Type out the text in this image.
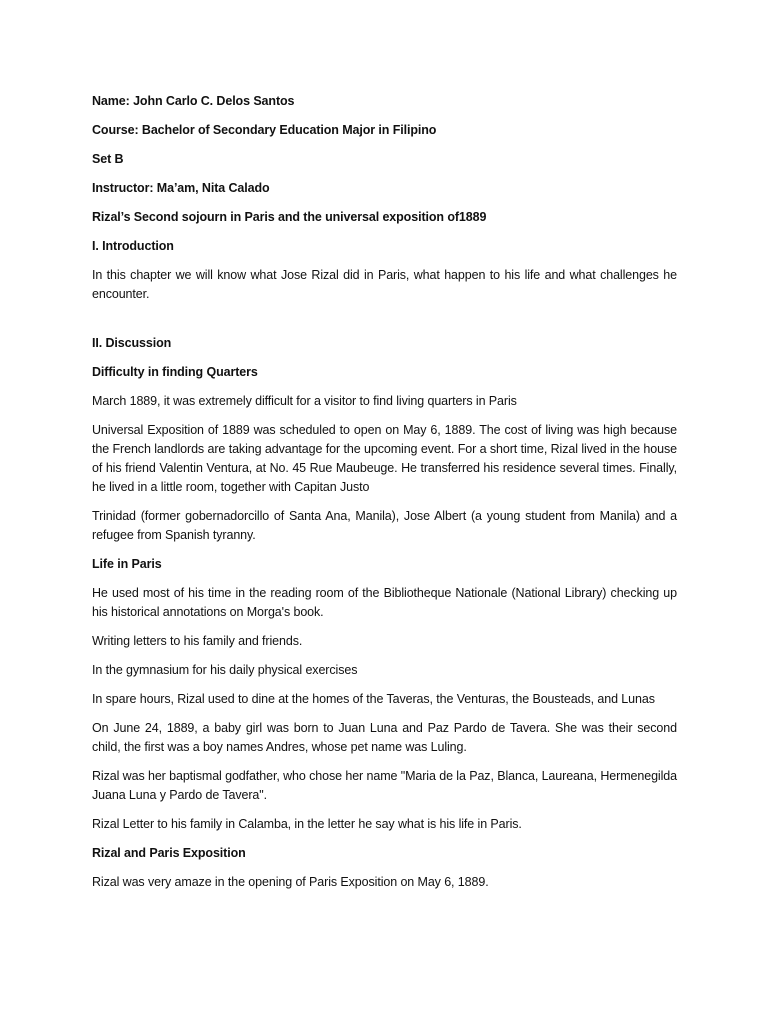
Name: John Carlo C. Delos Santos

Course: Bachelor of Secondary Education Major in Filipino

Set B

Instructor: Ma’am, Nita Calado

Rizal’s Second sojourn in Paris and the universal exposition of1889

I. Introduction

In this chapter we will know what Jose Rizal did in Paris, what happen to his life and what challenges he encounter.

II. Discussion

Difficulty in finding Quarters

March 1889, it was extremely difficult for a visitor to find living quarters in Paris

Universal Exposition of 1889 was scheduled to open on May 6, 1889. The cost of living was high because the French landlords are taking advantage for the upcoming event. For a short time, Rizal lived in the house of his friend Valentin Ventura, at No. 45 Rue Maubeuge. He transferred his residence several times. Finally, he lived in a little room, together with Capitan Justo

Trinidad (former gobernadorcillo of Santa Ana, Manila), Jose Albert (a young student from Manila) and a refugee from Spanish tyranny.

Life in Paris

He used most of his time in the reading room of the Bibliotheque Nationale (National Library) checking up his historical annotations on Morga's book.

Writing letters to his family and friends.

In the gymnasium for his daily physical exercises

In spare hours, Rizal used to dine at the homes of the Taveras, the Venturas, the Bousteads, and Lunas

On June 24, 1889, a baby girl was born to Juan Luna and Paz Pardo de Tavera. She was their second child, the first was a boy names Andres, whose pet name was Luling.

Rizal was her baptismal godfather, who chose her name "Maria de la Paz, Blanca, Laureana, Hermenegilda Juana Luna y Pardo de Tavera".

Rizal Letter to his family in Calamba, in the letter he say what is his life in Paris.

Rizal and Paris Exposition

Rizal was very amaze in the opening of Paris Exposition on May 6, 1889.
